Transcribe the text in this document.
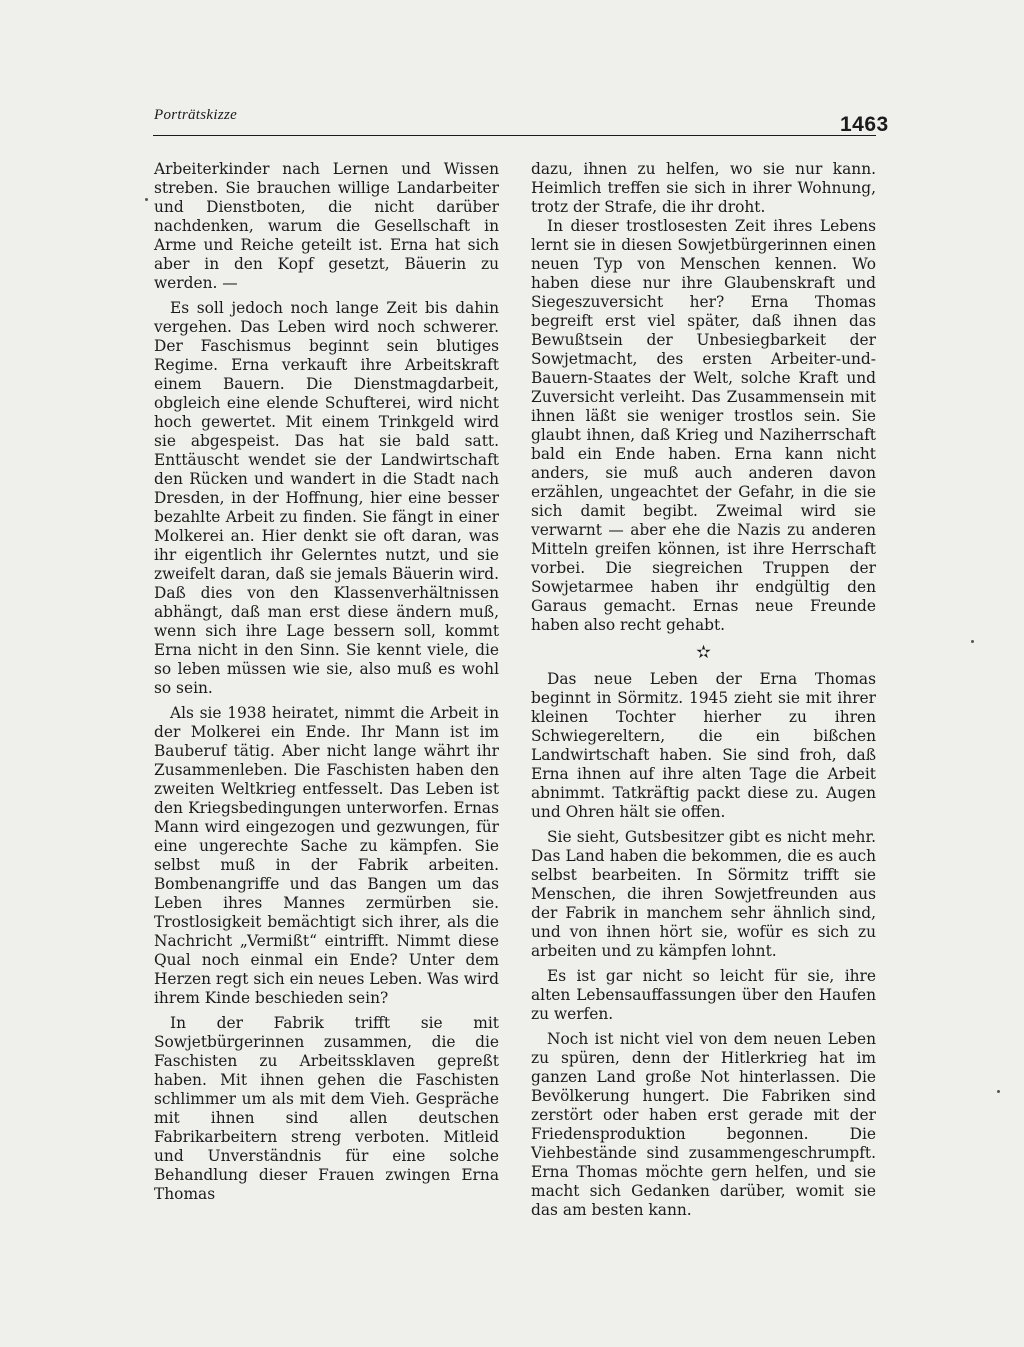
Porträtskizze	1463

Arbeiterkinder nach Lernen und Wissen streben. Sie brauchen willige Landarbeiter und Dienstboten, die nicht darüber nachdenken, warum die Gesellschaft in Arme und Reiche geteilt ist. Erna hat sich aber in den Kopf gesetzt, Bäuerin zu werden. —

Es soll jedoch noch lange Zeit bis dahin vergehen. Das Leben wird noch schwerer. Der Faschismus beginnt sein blutiges Regime. Erna verkauft ihre Arbeitskraft einem Bauern. Die Dienstmagdarbeit, obgleich eine elende Schufterei, wird nicht hoch gewertet. Mit einem Trinkgeld wird sie abgespeist. Das hat sie bald satt. Enttäuscht wendet sie der Landwirtschaft den Rücken und wandert in die Stadt nach Dresden, in der Hoffnung, hier eine besser bezahlte Arbeit zu finden. Sie fängt in einer Molkerei an. Hier denkt sie oft daran, was ihr eigentlich ihr Gelerntes nutzt, und sie zweifelt daran, daß sie jemals Bäuerin wird. Daß dies von den Klassenverhältnissen abhängt, daß man erst diese ändern muß, wenn sich ihre Lage bessern soll, kommt Erna nicht in den Sinn. Sie kennt viele, die so leben müssen wie sie, also muß es wohl so sein.

Als sie 1938 heiratet, nimmt die Arbeit in der Molkerei ein Ende. Ihr Mann ist im Bauberuf tätig. Aber nicht lange währt ihr Zusammenleben. Die Faschisten haben den zweiten Weltkrieg entfesselt. Das Leben ist den Kriegsbedingungen unterworfen. Ernas Mann wird eingezogen und gezwungen, für eine ungerechte Sache zu kämpfen. Sie selbst muß in der Fabrik arbeiten. Bombenangriffe und das Bangen um das Leben ihres Mannes zermürben sie. Trostlosigkeit bemächtigt sich ihrer, als die Nachricht „Vermißt“ eintrifft. Nimmt diese Qual noch einmal ein Ende? Unter dem Herzen regt sich ein neues Leben. Was wird ihrem Kinde beschieden sein?

In der Fabrik trifft sie mit Sowjetbürgerinnen zusammen, die die Faschisten zu Arbeitssklaven gepreßt haben. Mit ihnen gehen die Faschisten schlimmer um als mit dem Vieh. Gespräche mit ihnen sind allen deutschen Fabrikarbeitern streng verboten. Mitleid und Unverständnis für eine solche Behandlung dieser Frauen zwingen Erna Thomas

dazu, ihnen zu helfen, wo sie nur kann. Heimlich treffen sie sich in ihrer Wohnung, trotz der Strafe, die ihr droht.

In dieser trostlosesten Zeit ihres Lebens lernt sie in diesen Sowjetbürgerinnen einen neuen Typ von Menschen kennen. Wo haben diese nur ihre Glaubenskraft und Siegeszuversicht her? Erna Thomas begreift erst viel später, daß ihnen das Bewußtsein der Unbesiegbarkeit der Sowjetmacht, des ersten Arbeiter-und-Bauern-Staates der Welt, solche Kraft und Zuversicht verleiht. Das Zusammensein mit ihnen läßt sie weniger trostlos sein. Sie glaubt ihnen, daß Krieg und Naziherrschaft bald ein Ende haben. Erna kann nicht anders, sie muß auch anderen davon erzählen, ungeachtet der Gefahr, in die sie sich damit begibt. Zweimal wird sie verwarnt — aber ehe die Nazis zu anderen Mitteln greifen können, ist ihre Herrschaft vorbei. Die siegreichen Truppen der Sowjetarmee haben ihr endgültig den Garaus gemacht. Ernas neue Freunde haben also recht gehabt.

✫

Das neue Leben der Erna Thomas beginnt in Sörmitz. 1945 zieht sie mit ihrer kleinen Tochter hierher zu ihren Schwiegereltern, die ein bißchen Landwirtschaft haben. Sie sind froh, daß Erna ihnen auf ihre alten Tage die Arbeit abnimmt. Tatkräftig packt diese zu. Augen und Ohren hält sie offen.

Sie sieht, Gutsbesitzer gibt es nicht mehr. Das Land haben die bekommen, die es auch selbst bearbeiten. In Sörmitz trifft sie Menschen, die ihren Sowjetfreunden aus der Fabrik in manchem sehr ähnlich sind, und von ihnen hört sie, wofür es sich zu arbeiten und zu kämpfen lohnt.

Es ist gar nicht so leicht für sie, ihre alten Lebensauffassungen über den Haufen zu werfen.

Noch ist nicht viel von dem neuen Leben zu spüren, denn der Hitlerkrieg hat im ganzen Land große Not hinterlassen. Die Bevölkerung hungert. Die Fabriken sind zerstört oder haben erst gerade mit der Friedensproduktion begonnen. Die Viehbestände sind zusammengeschrumpft. Erna Thomas möchte gern helfen, und sie macht sich Gedanken darüber, womit sie das am besten kann.
